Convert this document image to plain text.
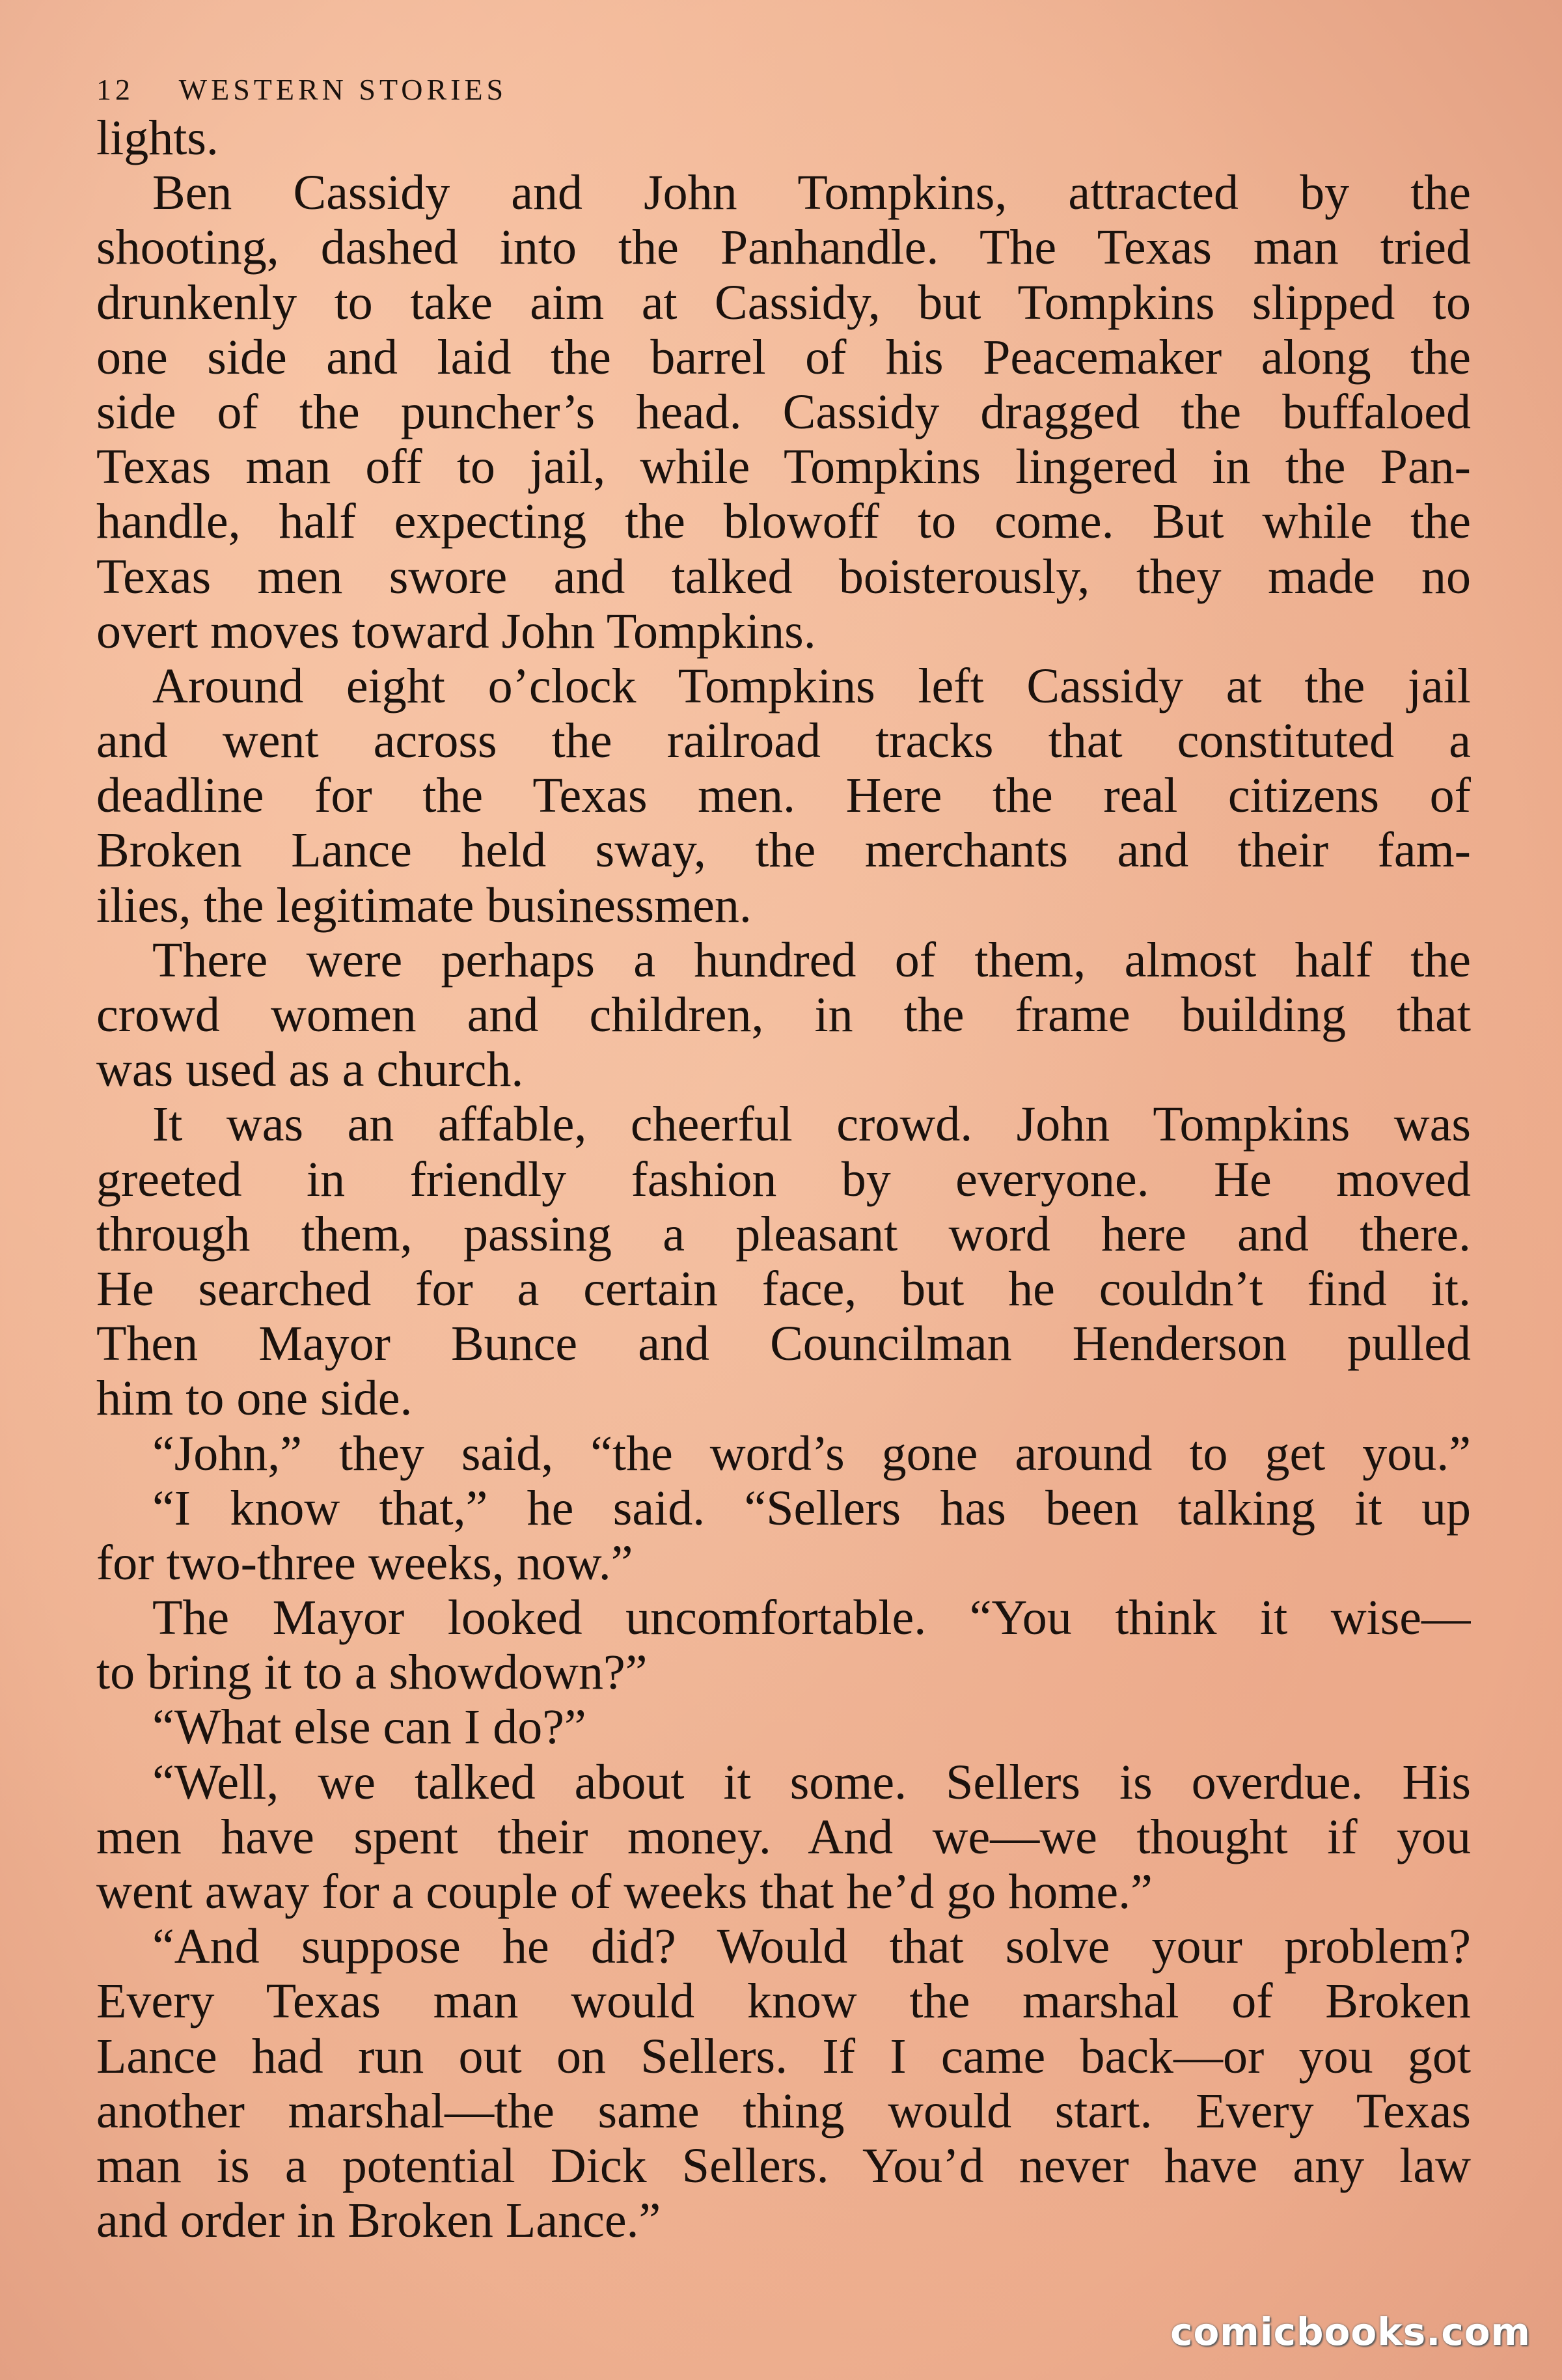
12 WESTERN STORIES
lights.
Ben Cassidy and John Tompkins, attracted by the
shooting, dashed into the Panhandle. The Texas man tried
drunkenly to take aim at Cassidy, but Tompkins slipped to
one side and laid the barrel of his Peacemaker along the
side of the puncher’s head. Cassidy dragged the buffaloed
Texas man off to jail, while Tompkins lingered in the Pan-
handle, half expecting the blowoff to come. But while the
Texas men swore and talked boisterously, they made no
overt moves toward John Tompkins.
Around eight o’clock Tompkins left Cassidy at the jail
and went across the railroad tracks that constituted a
deadline for the Texas men. Here the real citizens of
Broken Lance held sway, the merchants and their fam-
ilies, the legitimate businessmen.
There were perhaps a hundred of them, almost half the
crowd women and children, in the frame building that
was used as a church.
It was an affable, cheerful crowd. John Tompkins was
greeted in friendly fashion by everyone. He moved
through them, passing a pleasant word here and there.
He searched for a certain face, but he couldn’t find it.
Then Mayor Bunce and Councilman Henderson pulled
him to one side.
“John,” they said, “the word’s gone around to get you.”
“I know that,” he said. “Sellers has been talking it up
for two-three weeks, now.”
The Mayor looked uncomfortable. “You think it wise—
to bring it to a showdown?”
“What else can I do?”
“Well, we talked about it some. Sellers is overdue. His
men have spent their money. And we—we thought if you
went away for a couple of weeks that he’d go home.”
“And suppose he did? Would that solve your problem?
Every Texas man would know the marshal of Broken
Lance had run out on Sellers. If I came back—or you got
another marshal—the same thing would start. Every Texas
man is a potential Dick Sellers. You’d never have any law
and order in Broken Lance.”
comicbooks.com
